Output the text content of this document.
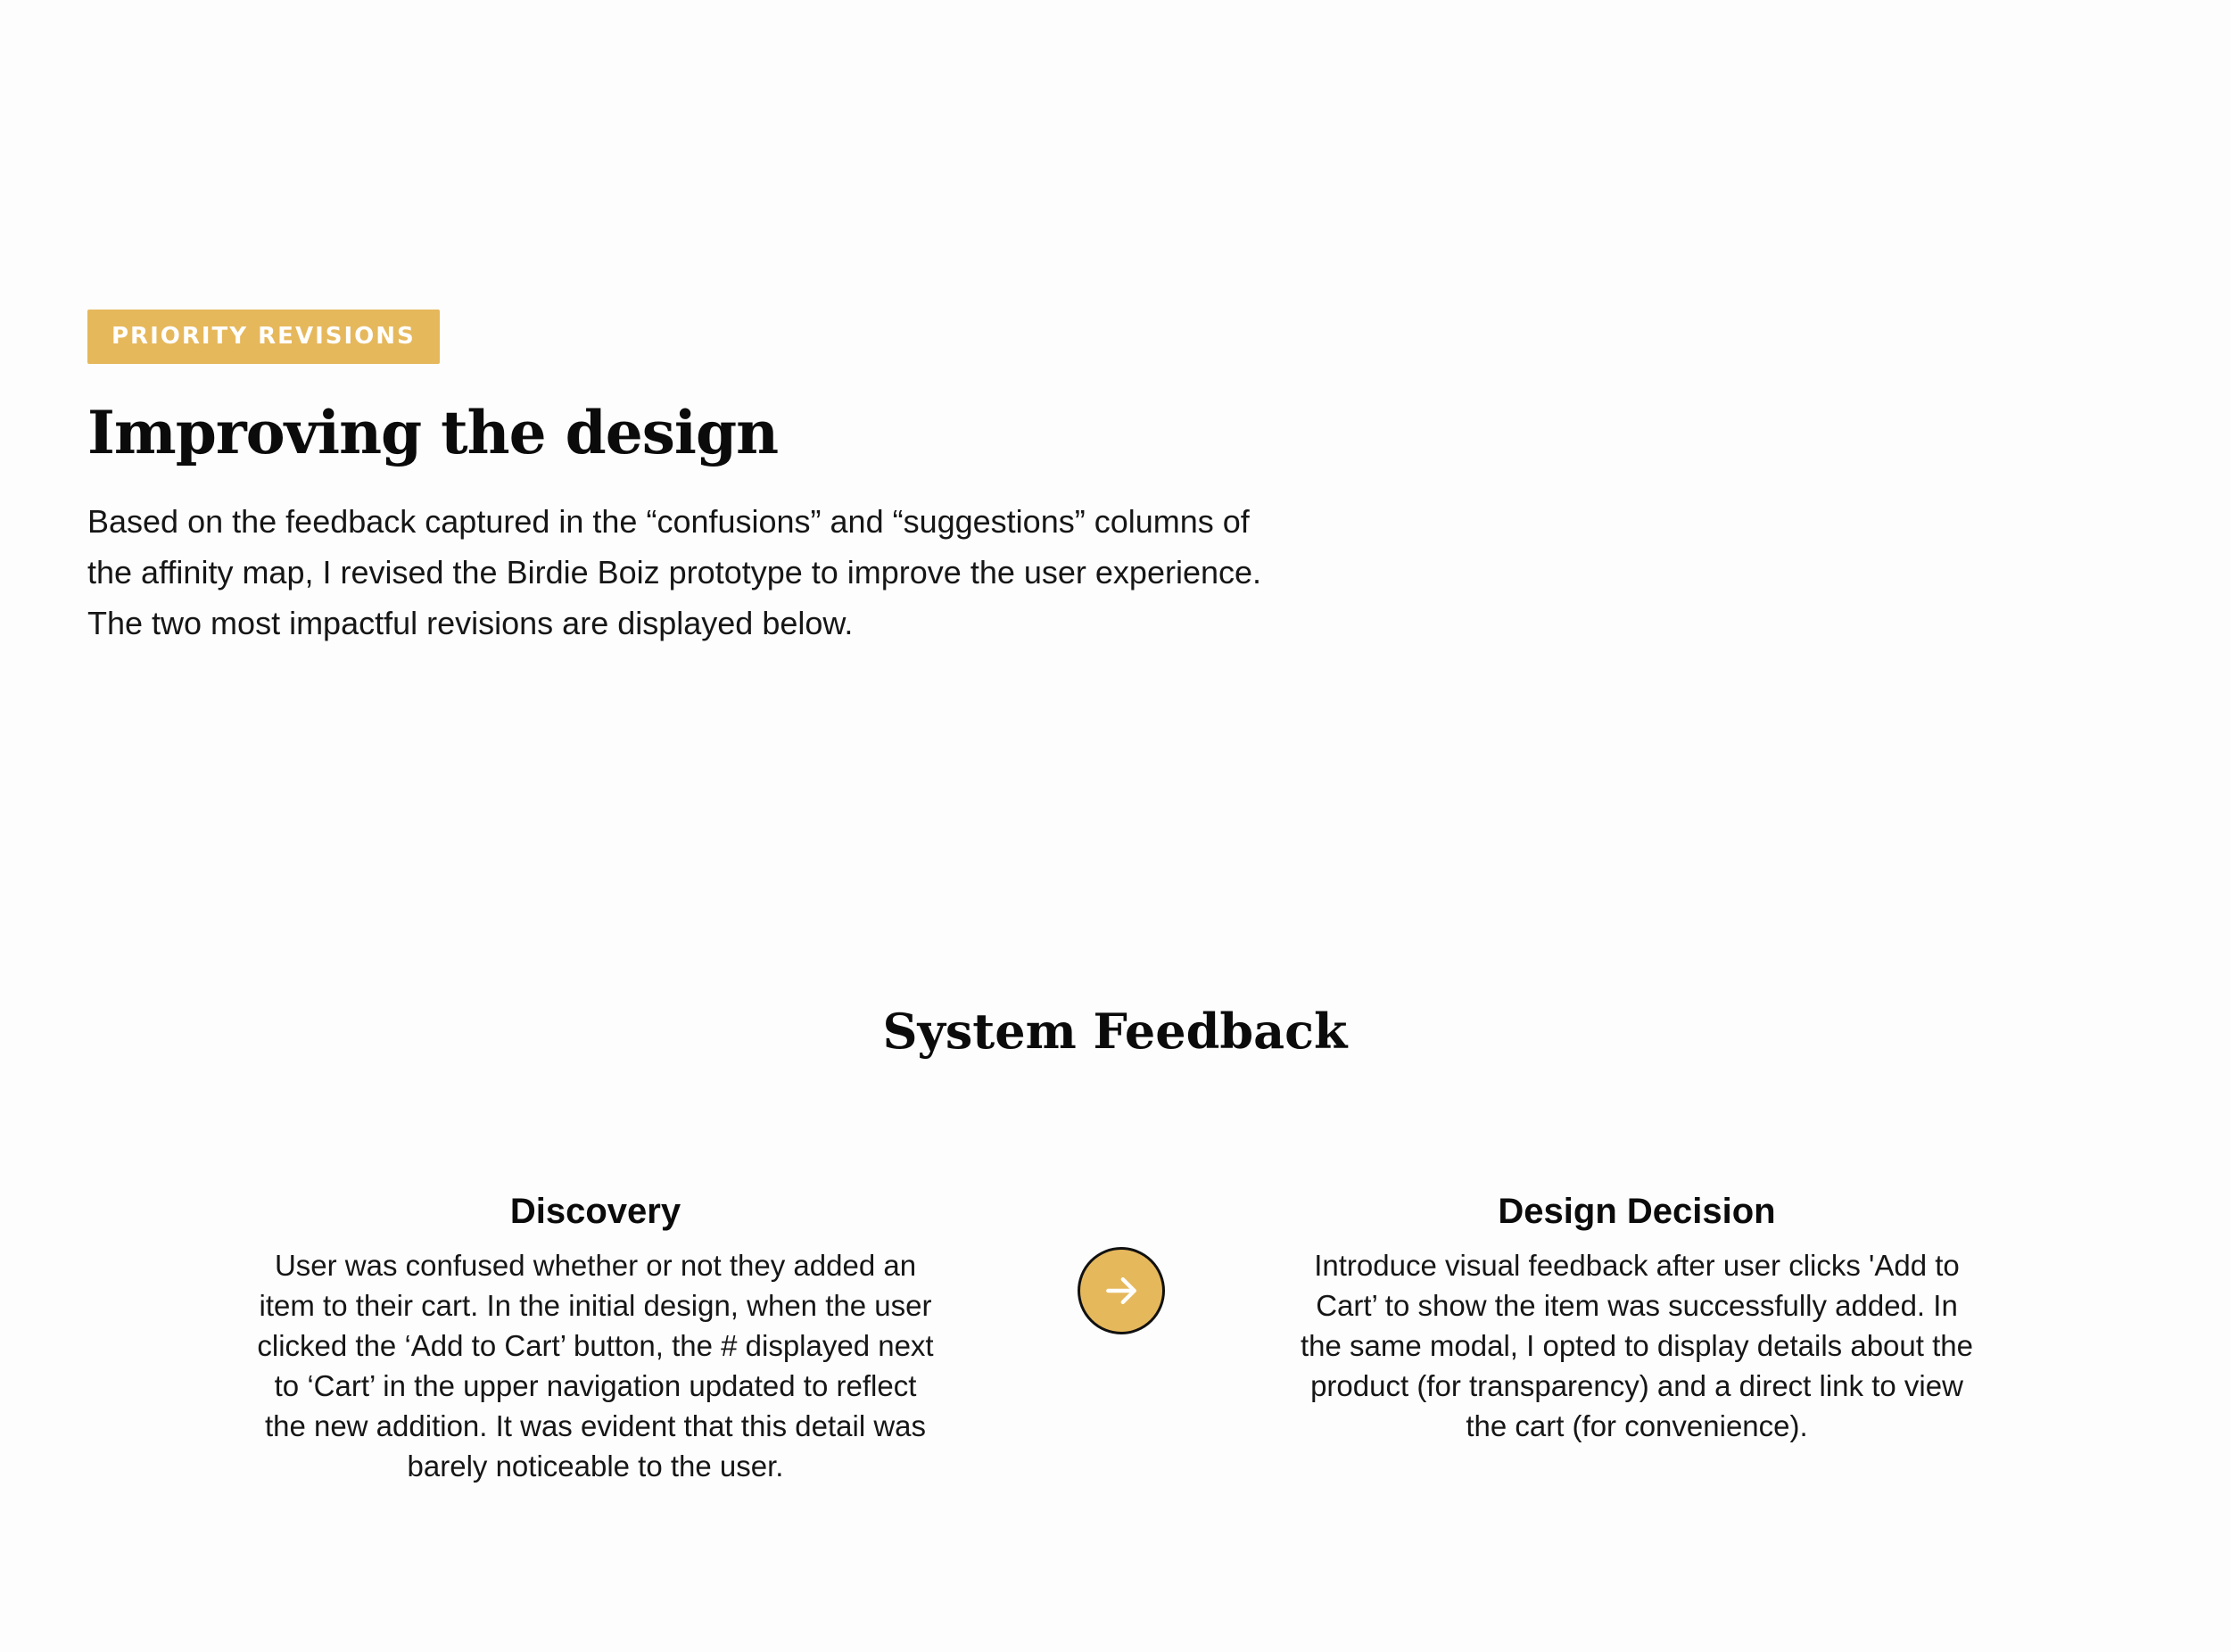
PRIORITY REVISIONS
Improving the design

Based on the feedback captured in the “confusions” and “suggestions” columns of the affinity map, I revised the Birdie Boiz prototype to improve the user experience. The two most impactful revisions are displayed below.

System Feedback
Discovery

User was confused whether or not they added an item to their cart. In the initial design, when the user clicked the ‘Add to Cart’ button, the # displayed next to ‘Cart’ in the upper navigation updated to reflect the new addition. It was evident that this detail was barely noticeable to the user.

Design Decision

Introduce visual feedback after user clicks 'Add to Cart’ to show the item was successfully added. In the same modal, I opted to display details about the product (for transparency) and a direct link to view the cart (for convenience).
